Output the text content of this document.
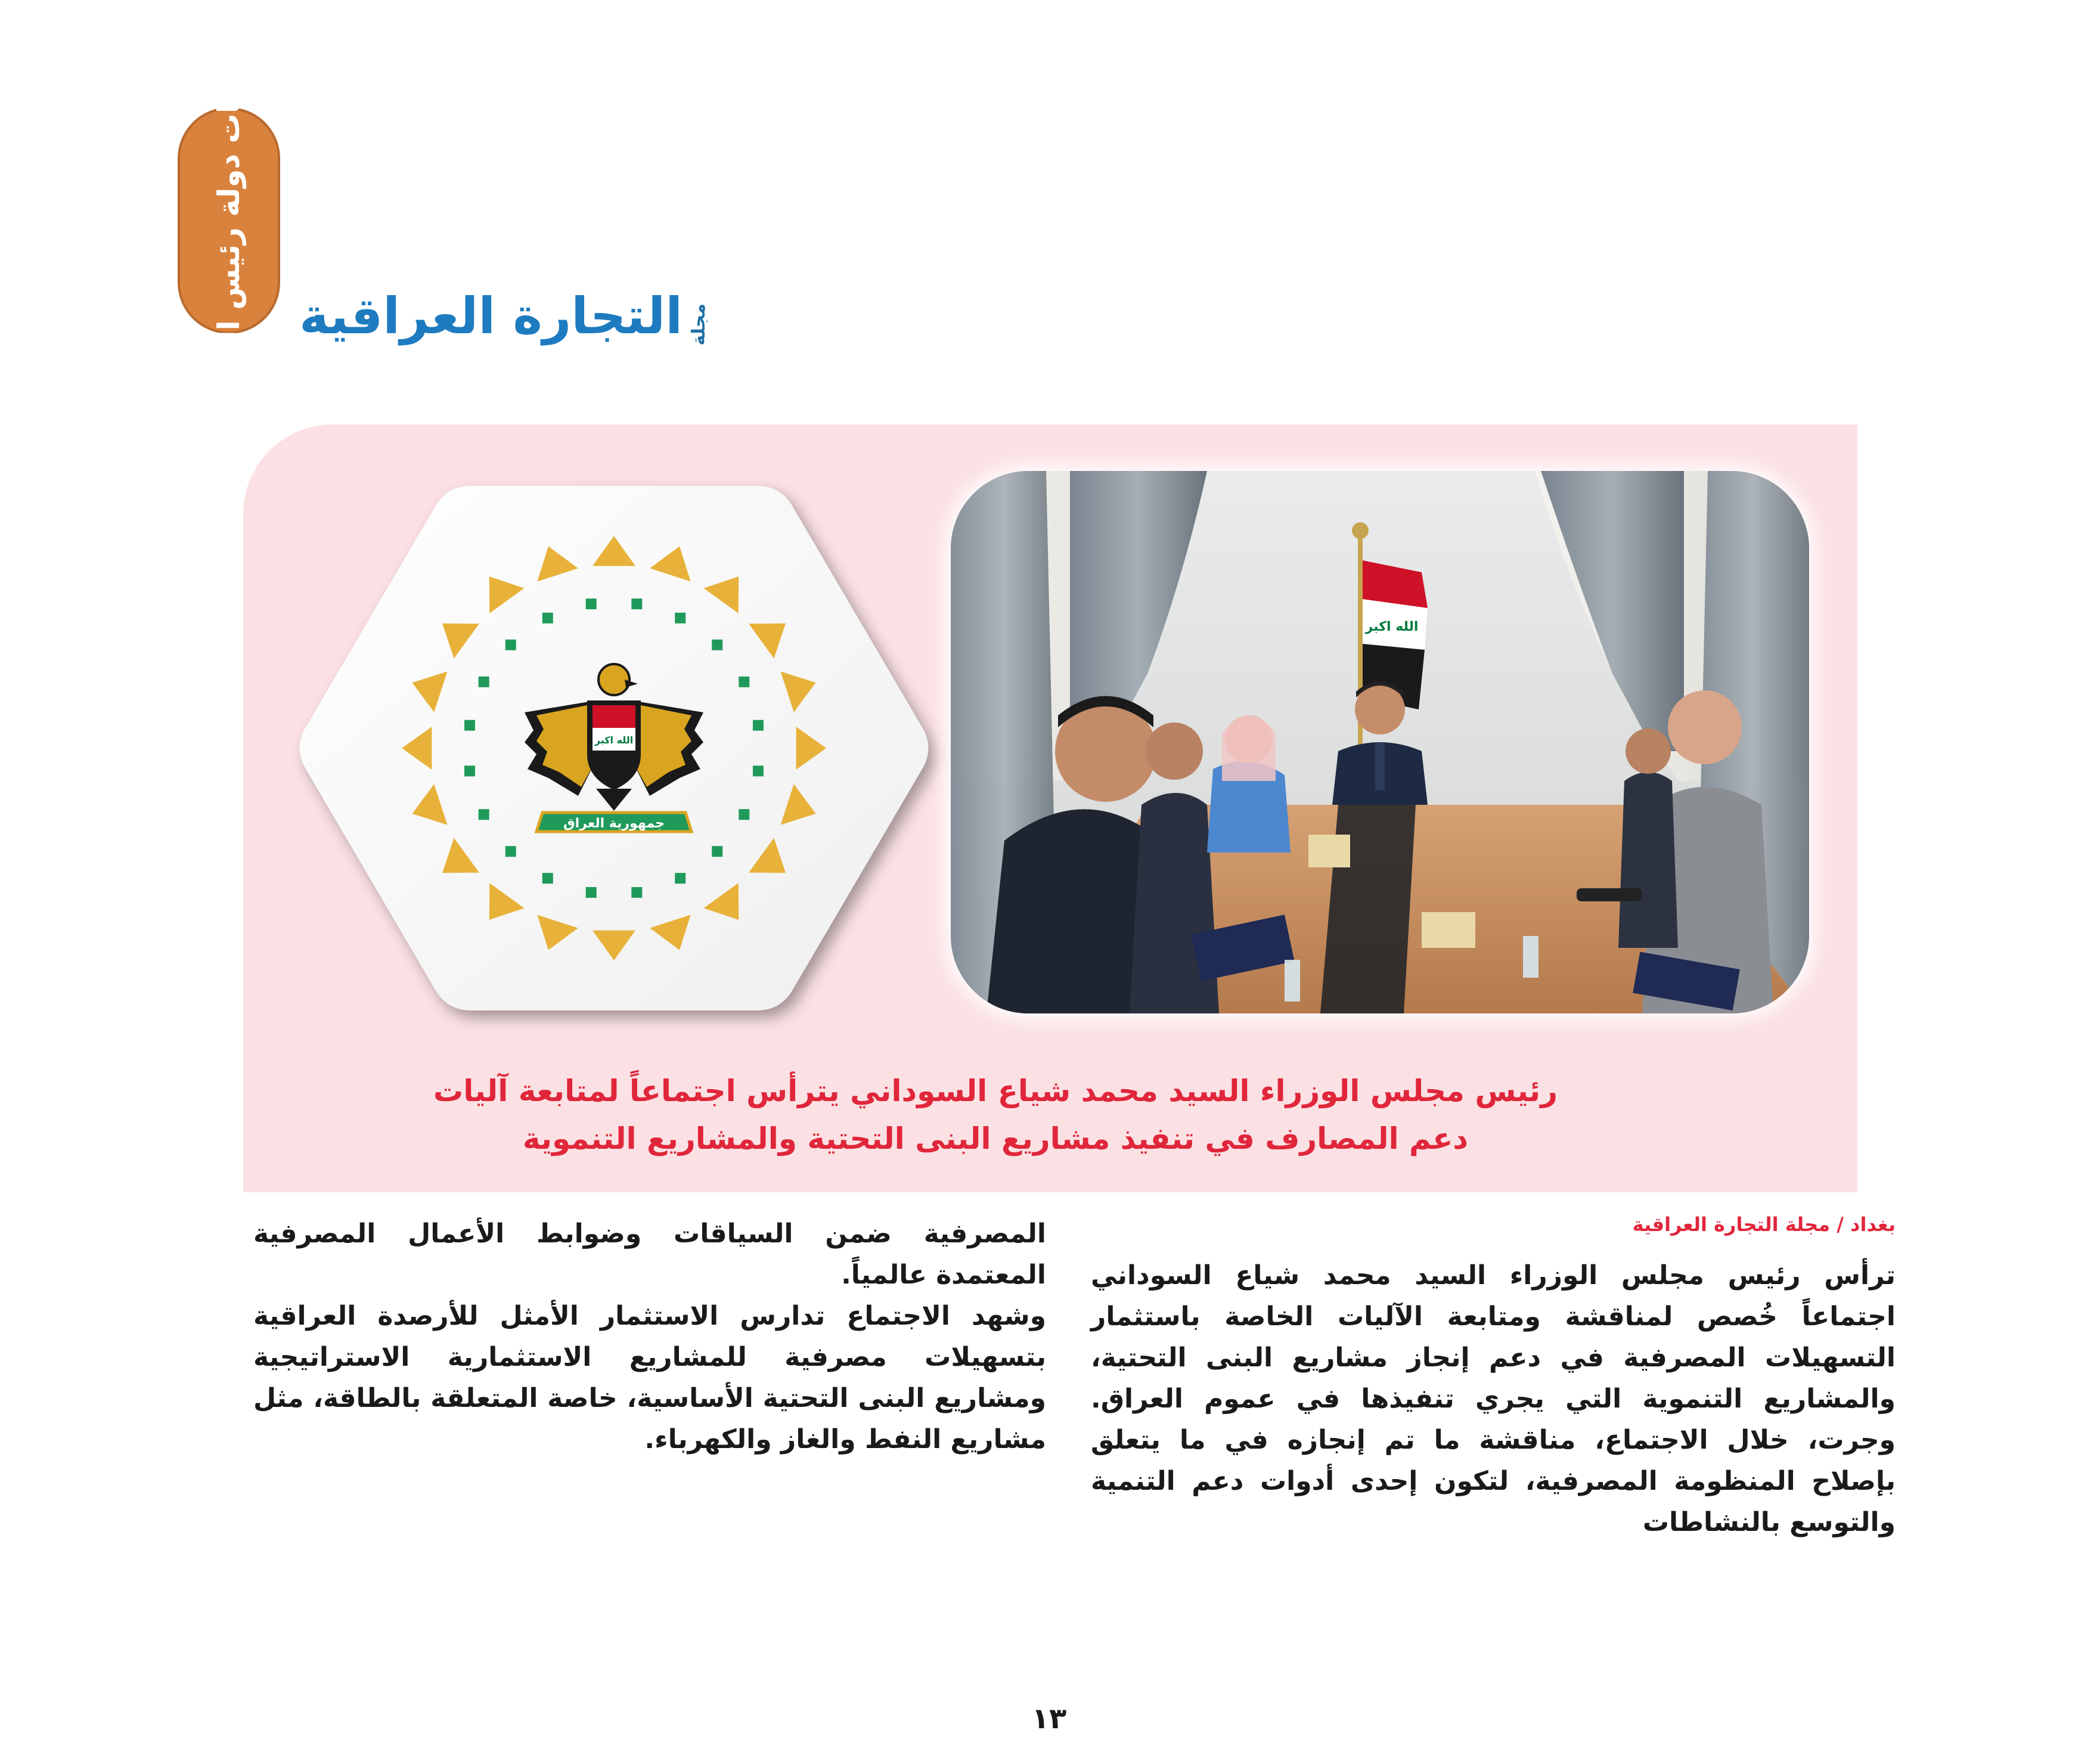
نشاطات دولة رئيس الوزراء	مجلة
التجارة العراقية
الله اكبر
جمهورية العراق
الله اكبر
رئيس مجلس الوزراء السيد محمد شياع السوداني يترأس اجتماعاً لمتابعة آليات
دعم المصارف في تنفيذ مشاريع البنى التحتية والمشاريع التنموية
بغداد / مجلة التجارة العراقية

ترأس رئيس مجلس الوزراء السيد محمد شياع السوداني اجتماعاً خُصص لمناقشة ومتابعة الآليات الخاصة باستثمار التسهيلات المصرفية في دعم إنجاز مشاريع البنى التحتية، والمشاريع التنموية التي يجري تنفيذها في عموم العراق. وجرت، خلال الاجتماع، مناقشة ما تم إنجازه في ما يتعلق بإصلاح المنظومة المصرفية، لتكون إحدى أدوات دعم التنمية والتوسع بالنشاطات

المصرفية ضمن السياقات وضوابط الأعمال المصرفية المعتمدة عالمياً.

وشهد الاجتماع تدارس الاستثمار الأمثل للأرصدة العراقية بتسهيلات مصرفية للمشاريع الاستثمارية الاستراتيجية ومشاريع البنى التحتية الأساسية، خاصة المتعلقة بالطاقة، مثل مشاريع النفط والغاز والكهرباء.

١٣
